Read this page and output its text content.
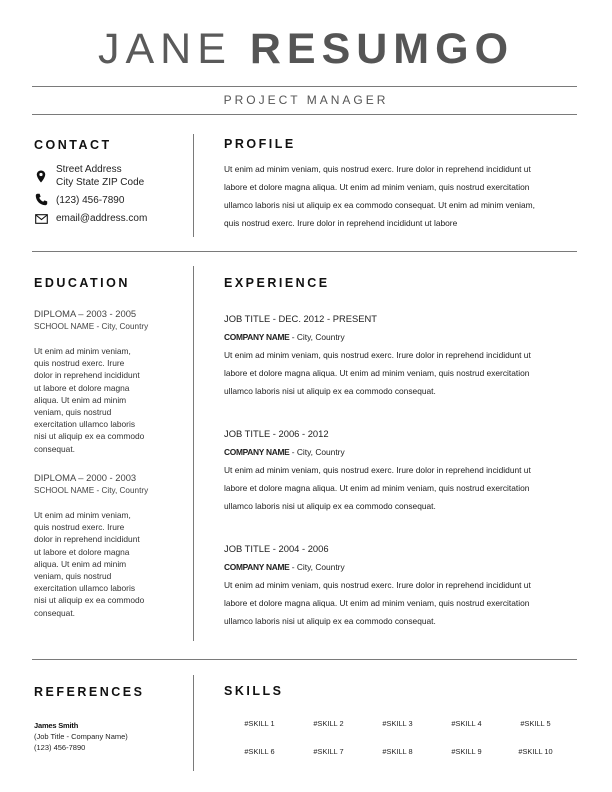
JANE RESUMGO
PROJECT MANAGER
CONTACT
Street Address
City State ZIP Code
(123) 456-7890
email@address.com
PROFILE
Ut enim ad minim veniam, quis nostrud exerc. Irure dolor in reprehend incididunt ut
labore et dolore magna aliqua. Ut enim ad minim veniam, quis nostrud exercitation
ullamco laboris nisi ut aliquip ex ea commodo consequat. Ut enim ad minim veniam,
quis nostrud exerc. Irure dolor in reprehend incididunt ut labore
EDUCATION
DIPLOMA – 2003 - 2005
SCHOOL NAME - City, Country
Ut enim ad minim veniam,
quis nostrud exerc. Irure
dolor in reprehend incididunt
ut labore et dolore magna
aliqua. Ut enim ad minim
veniam, quis nostrud
exercitation ullamco laboris
nisi ut aliquip ex ea commodo
consequat.
DIPLOMA – 2000 - 2003
SCHOOL NAME - City, Country
Ut enim ad minim veniam,
quis nostrud exerc. Irure
dolor in reprehend incididunt
ut labore et dolore magna
aliqua. Ut enim ad minim
veniam, quis nostrud
exercitation ullamco laboris
nisi ut aliquip ex ea commodo
consequat.
EXPERIENCE
JOB TITLE - DEC. 2012 - PRESENT
COMPANY NAME - City, Country
Ut enim ad minim veniam, quis nostrud exerc. Irure dolor in reprehend incididunt ut
labore et dolore magna aliqua. Ut enim ad minim veniam, quis nostrud exercitation
ullamco laboris nisi ut aliquip ex ea commodo consequat.
JOB TITLE - 2006 - 2012
COMPANY NAME - City, Country
Ut enim ad minim veniam, quis nostrud exerc. Irure dolor in reprehend incididunt ut
labore et dolore magna aliqua. Ut enim ad minim veniam, quis nostrud exercitation
ullamco laboris nisi ut aliquip ex ea commodo consequat.
JOB TITLE - 2004 - 2006
COMPANY NAME - City, Country
Ut enim ad minim veniam, quis nostrud exerc. Irure dolor in reprehend incididunt ut
labore et dolore magna aliqua. Ut enim ad minim veniam, quis nostrud exercitation
ullamco laboris nisi ut aliquip ex ea commodo consequat.
REFERENCES
James Smith
(Job Title - Company Name)
(123) 456-7890
SKILLS
#SKILL 1	#SKILL 2	#SKILL 3	#SKILL 4	#SKILL 5
#SKILL 6	#SKILL 7	#SKILL 8	#SKILL 9	#SKILL 10
